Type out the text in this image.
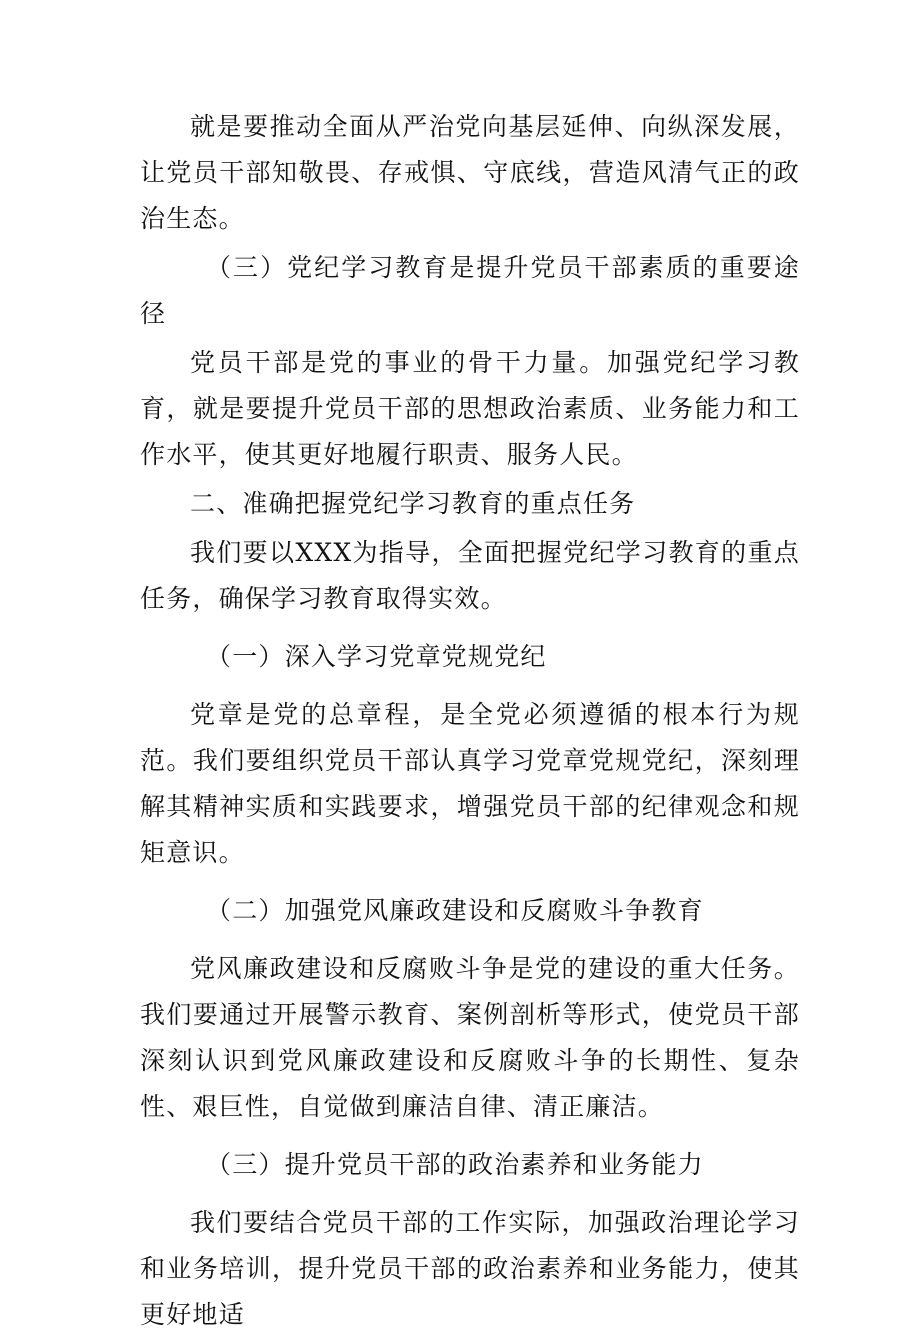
就是要推动全面从严治党向基层延伸、向纵深发展，让党员干部知敬畏、存戒惧、守底线，营造风清气正的政治生态。

（三）党纪学习教育是提升党员干部素质的重要途径

党员干部是党的事业的骨干力量。加强党纪学习教育，就是要提升党员干部的思想政治素质、业务能力和工作水平，使其更好地履行职责、服务人民。

二、准确把握党纪学习教育的重点任务

我们要以XXX为指导，全面把握党纪学习教育的重点任务，确保学习教育取得实效。

（一）深入学习党章党规党纪

党章是党的总章程，是全党必须遵循的根本行为规范。我们要组织党员干部认真学习党章党规党纪，深刻理解其精神实质和实践要求，增强党员干部的纪律观念和规矩意识。

（二）加强党风廉政建设和反腐败斗争教育

党风廉政建设和反腐败斗争是党的建设的重大任务。我们要通过开展警示教育、案例剖析等形式，使党员干部深刻认识到党风廉政建设和反腐败斗争的长期性、复杂性、艰巨性，自觉做到廉洁自律、清正廉洁。

（三）提升党员干部的政治素养和业务能力

我们要结合党员干部的工作实际，加强政治理论学习和业务培训，提升党员干部的政治素养和业务能力，使其更好地适
